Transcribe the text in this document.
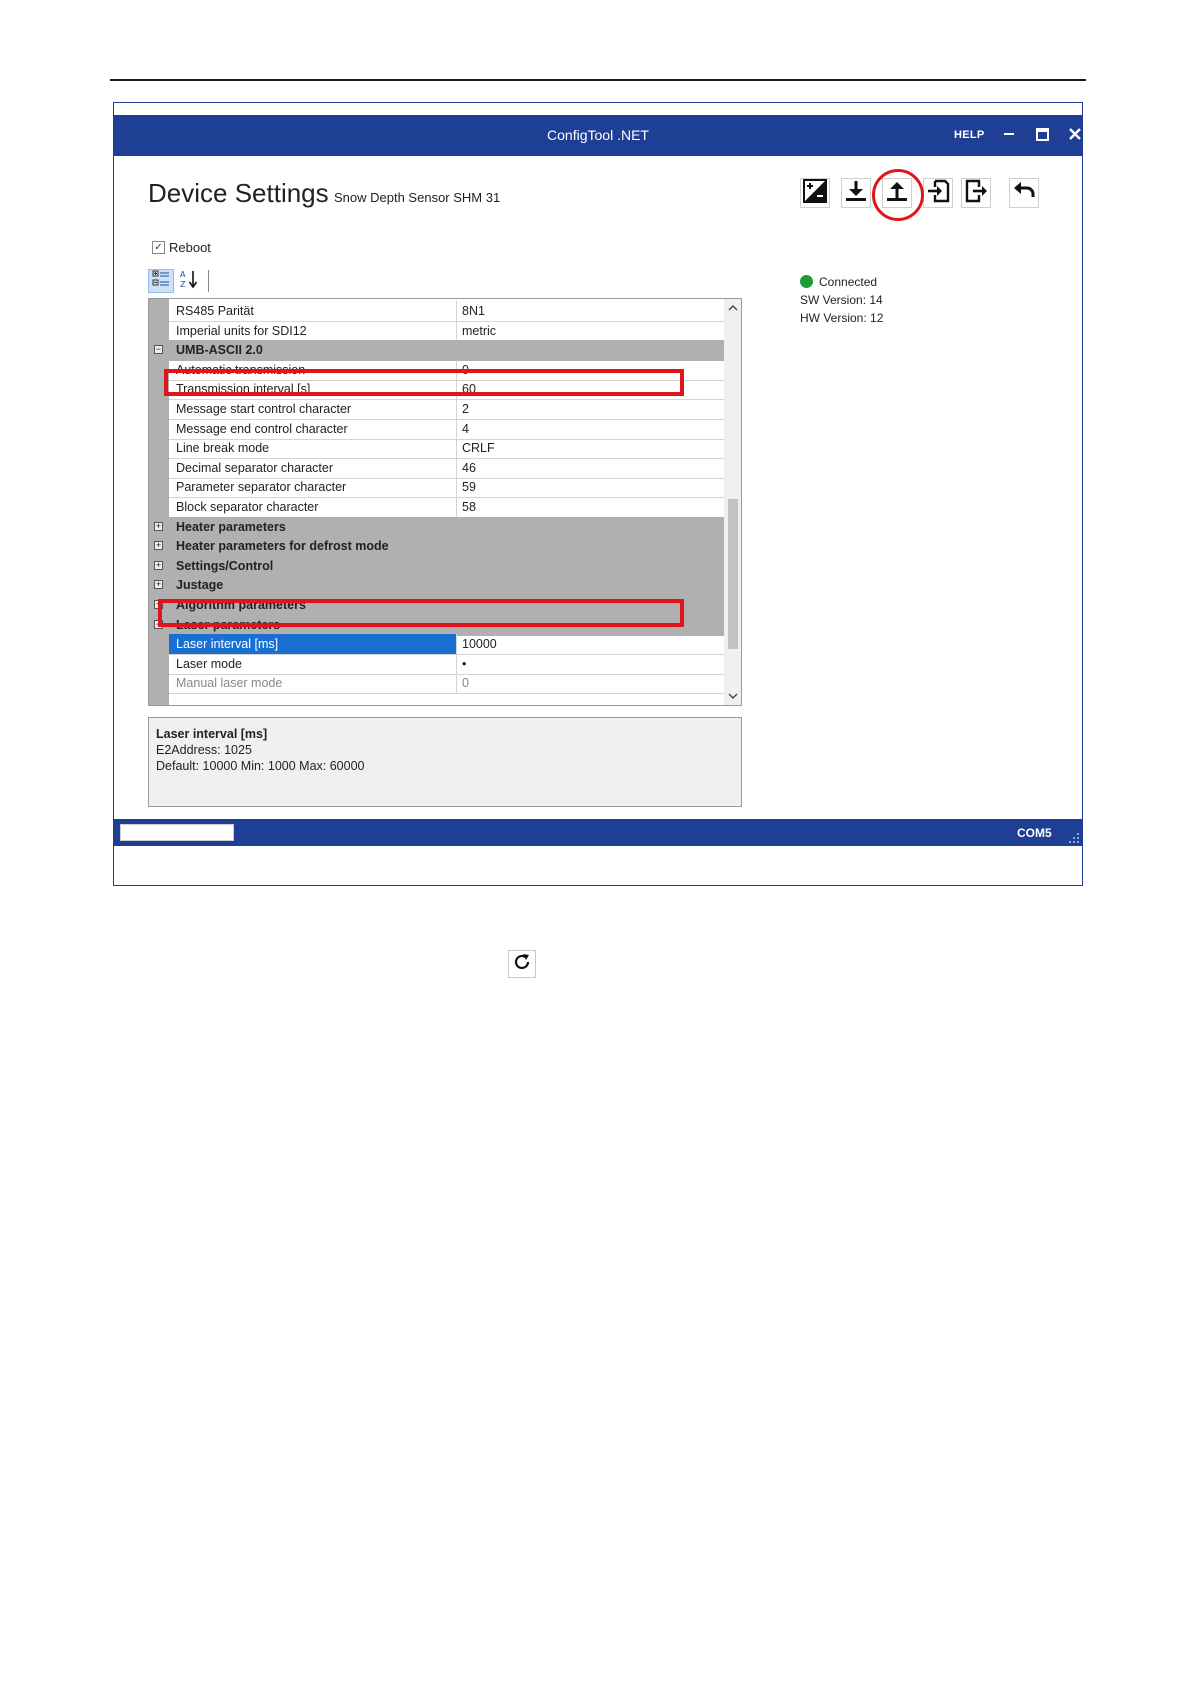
ConfigTool .NET	HELP
Device Settings Snow Depth Sensor SHM 31
✓ Reboot
Connected
SW Version: 14
HW Version: 12
A
Z
RS485 Parität	8N1
Imperial units for SDI12	metric
− UMB-ASCII 2.0
Automatic transmission	0
Transmission interval [s]	60
Message start control character	2
Message end control character	4
Line break mode	CRLF
Decimal separator character	46
Parameter separator character	59
Block separator character	58
+ Heater parameters
+ Heater parameters for defrost mode
+ Settings/Control
+ Justage
+ Algorithm parameters
− Laser parameters
Laser interval [ms]	10000
Laser mode	•
Manual laser mode	0
Laser interval [ms]
E2Address: 1025
Default: 10000 Min: 1000 Max: 60000
COM5
